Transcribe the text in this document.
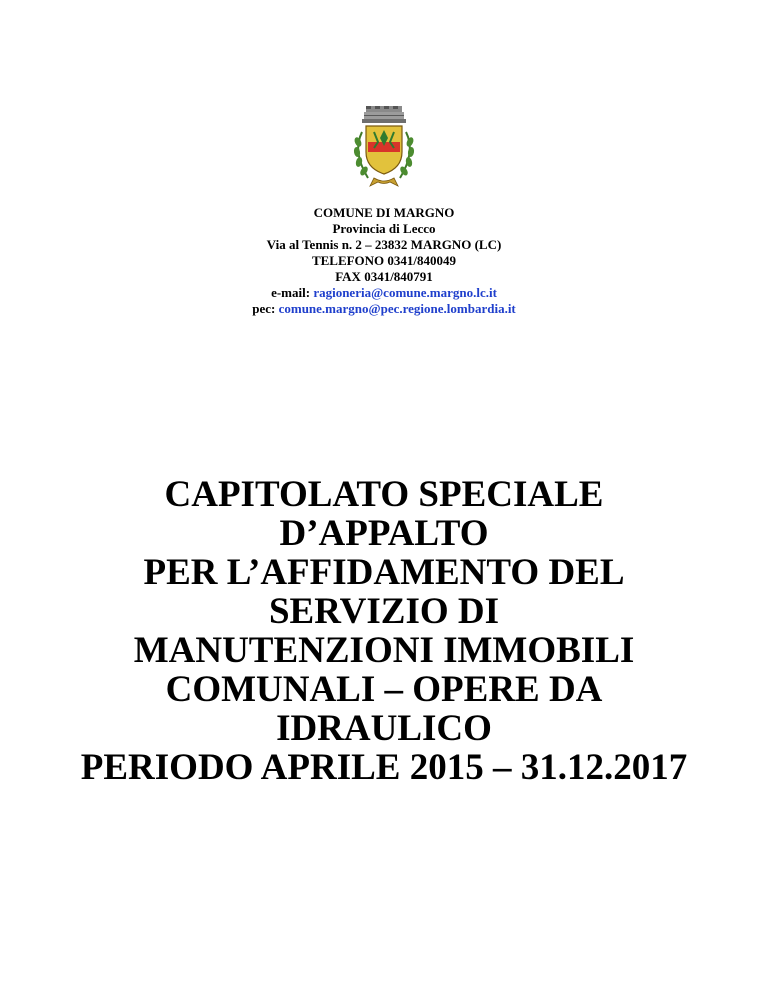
COMUNE DI MARGNO
Provincia di Lecco
Via al Tennis n. 2 – 23832 MARGNO (LC)
TELEFONO 0341/840049
FAX 0341/840791
e-mail: ragioneria@comune.margno.lc.it
pec: comune.margno@pec.regione.lombardia.it
CAPITOLATO SPECIALE
D’APPALTO
PER L’AFFIDAMENTO DEL
SERVIZIO DI
MANUTENZIONI IMMOBILI
COMUNALI – OPERE DA
IDRAULICO
PERIODO APRILE 2015 – 31.12.2017
